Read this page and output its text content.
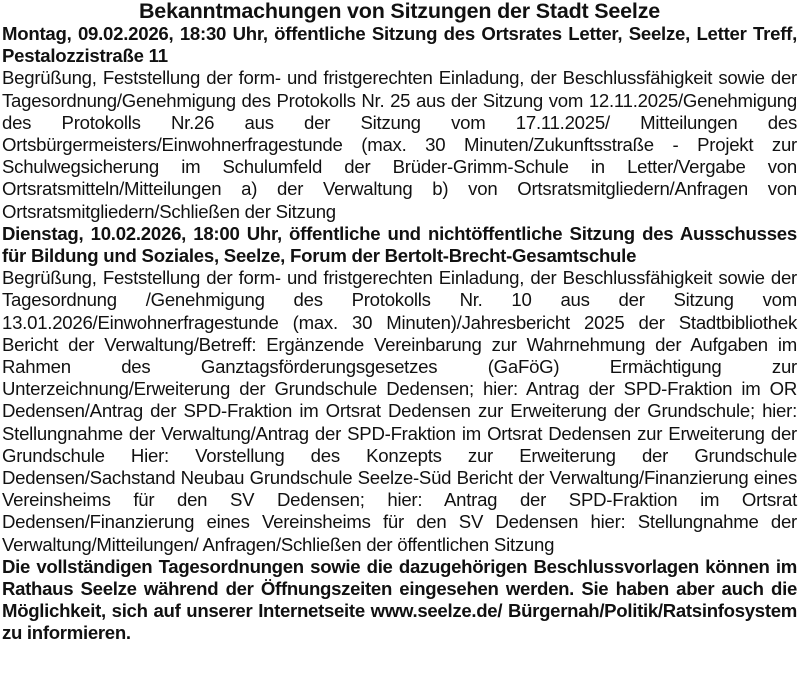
Bekanntmachungen von Sitzungen der Stadt Seelze

Montag, 09.02.2026, 18:30 Uhr, öffentliche Sitzung des Ortsrates Letter, Seelze, Letter Treff, Pestalozzistraße 11

Begrüßung, Feststellung der form- und fristgerechten Einladung, der Beschlussfähigkeit sowie der Tagesordnung/Genehmigung des Protokolls Nr. 25 aus der Sitzung vom 12.11.2025/Genehmigung des Protokolls Nr.26 aus der Sitzung vom 17.11.2025/ Mitteilungen des Ortsbürgermeisters/Einwohnerfragestunde (max. 30 Minuten/Zukunftsstraße - Projekt zur Schulwegsicherung im Schulumfeld der Brüder-Grimm-Schule in Letter/Vergabe von Ortsratsmitteln/Mitteilungen a) der Verwaltung b) von Ortsratsmitgliedern/Anfragen von Ortsratsmitgliedern/Schließen der Sitzung

Dienstag, 10.02.2026, 18:00 Uhr, öffentliche und nichtöffentliche Sitzung des Ausschusses für Bildung und Soziales, Seelze, Forum der Bertolt-Brecht-Gesamtschule

Begrüßung, Feststellung der form- und fristgerechten Einladung, der Beschlussfähigkeit sowie der Tagesordnung /Genehmigung des Protokolls Nr. 10 aus der Sitzung vom 13.01.2026/Einwohnerfragestunde (max. 30 Minuten)/Jahresbericht 2025 der Stadtbibliothek Bericht der Verwaltung/Betreff: Ergänzende Vereinbarung zur Wahrnehmung der Aufgaben im Rahmen des Ganztagsförderungsgesetzes (GaFöG) Ermächtigung zur Unterzeichnung/Erweiterung der Grundschule Dedensen; hier: Antrag der SPD-Fraktion im OR Dedensen/Antrag der SPD-Fraktion im Ortsrat Dedensen zur Erweiterung der Grundschule; hier: Stellungnahme der Verwaltung/Antrag der SPD-Fraktion im Ortsrat Dedensen zur Erweiterung der Grundschule Hier: Vorstellung des Konzepts zur Erweiterung der Grundschule Dedensen/Sachstand Neubau Grundschule Seelze-Süd Bericht der Verwaltung/Finanzierung eines Vereinsheims für den SV Dedensen; hier: Antrag der SPD-Fraktion im Ortsrat Dedensen/Finanzierung eines Vereinsheims für den SV Dedensen hier: Stellungnahme der Verwaltung/Mitteilungen/ Anfragen/Schließen der öffentlichen Sitzung

Die vollständigen Tagesordnungen sowie die dazugehörigen Beschlussvorlagen können im Rathaus Seelze während der Öffnungszeiten eingesehen werden. Sie haben aber auch die Möglichkeit, sich auf unserer Internetseite www.seelze.de/ Bürgernah/Politik/Ratsinfosystem zu informieren.
